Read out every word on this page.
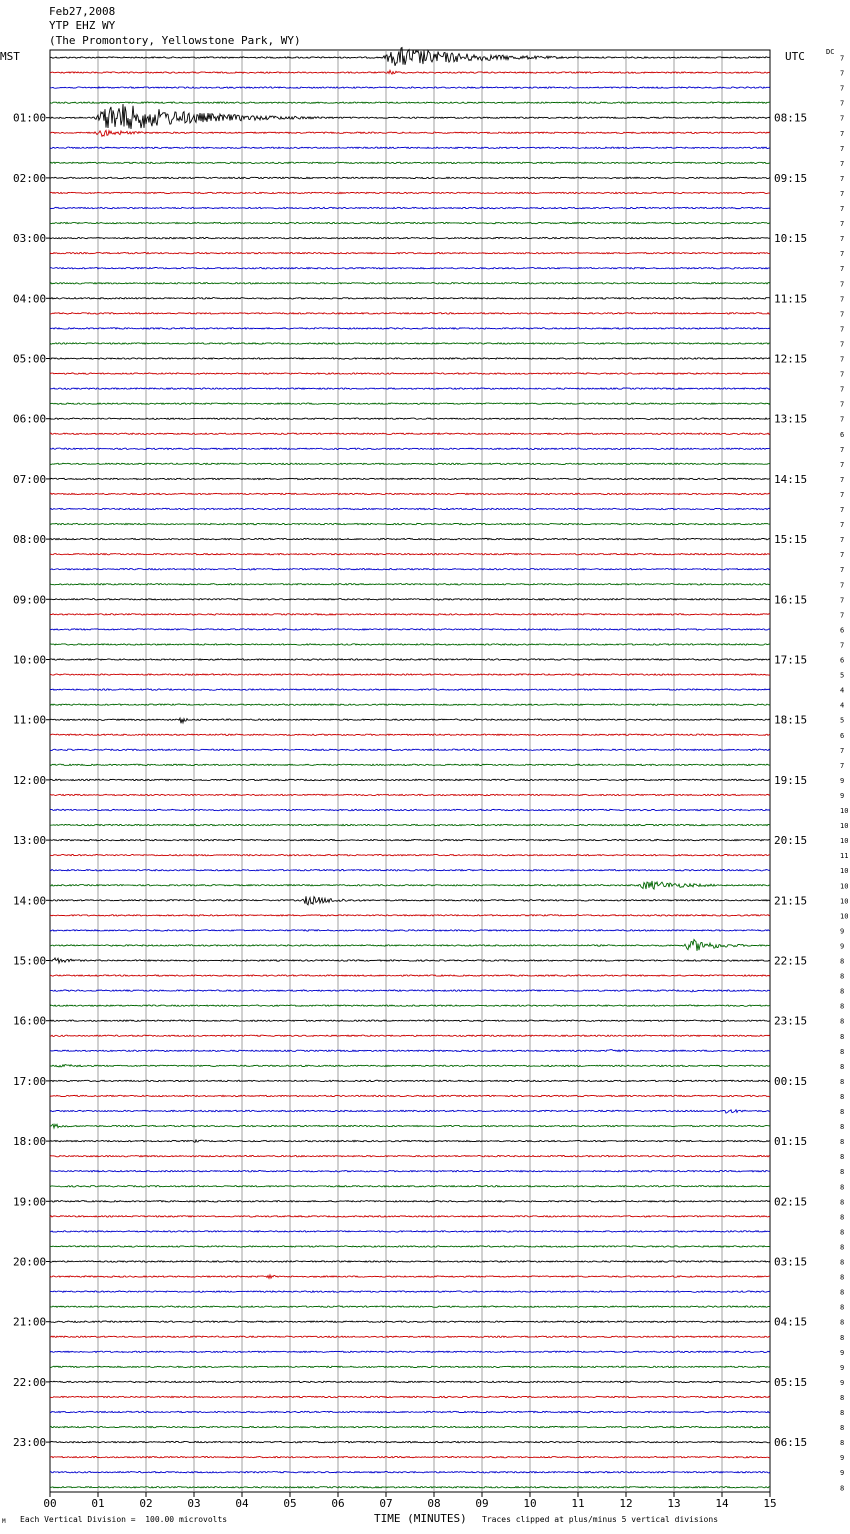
Feb27,2008
YTP EHZ WY
(The Promontory, Yellowstone Park, WY)
MST	UTC	DC
00	01	02	03	04	05	06	07	08	09	10	11	12	13	14	15
7
7
7
7
7
7
7
7
7
7
7
7
7
7
7
7
7
7
7
7
7
7
7
7
7
6
7
7
7
7
7
7
7
7
7
7
7
7
6
7
6
5
4
4
5
6
7
7
9
9
10
10
10
11
10
10
10
10
9
9
8
8
8
8
8
8
8
8
8
8
8
8
8
8
8
8
8
8
8
8
8
8
8
8
8
8
9
9
9
8
8
8
8
9
9
8
01:00
02:00
03:00
04:00
05:00
06:00
07:00
08:00
09:00
10:00
11:00
12:00
13:00
14:00
15:00
16:00
17:00
18:00
19:00
20:00
21:00
22:00
23:00
08:15
09:15
10:15
11:15
12:15
13:15
14:15
15:15
16:15
17:15
18:15
19:15
20:15
21:15
22:15
23:15
00:15
01:15
02:15
03:15
04:15
05:15
06:15
M Each Vertical Division =  100.00 microvolts	TIME (MINUTES) Traces clipped at plus/minus 5 vertical divisions
